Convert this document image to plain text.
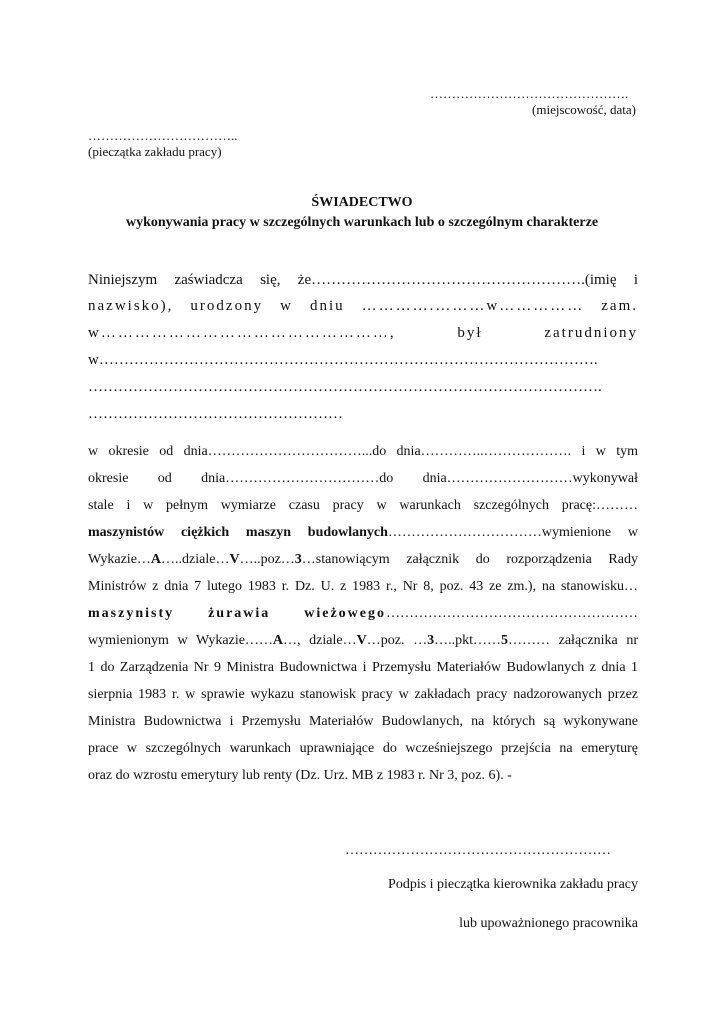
……………………………………….
(miejscowość, data)
……………………………..
(pieczątka zakładu pracy)
ŚWIADECTWO
wykonywania pracy w szczególnych warunkach lub o szczególnym charakterze
Niniejszym zaświadcza się, że……………………………………………….(imię i
nazwisko), urodzony w dniu ………….………w…………… zam.
w……………………………………………, był zatrudniony
w……………………………………………………………………………………….
………………………………………………………………………………………….
……………………………………………
w okresie od dnia……………………………...do dnia…………..………………. i w tym
okresie od dnia……………………………do dnia………………………wykonywał
stale i w pełnym wymiarze czasu pracy w warunkach szczególnych pracę:………
maszynistów ciężkich maszyn budowlanych……………………………wymienione w
Wykazie…A…..dziale…V…..poz…3…stanowiącym załącznik do rozporządzenia Rady
Ministrów z dnia 7 lutego 1983 r. Dz. U. z 1983 r., Nr 8, poz. 43 ze zm.), na stanowisku…
maszynisty żurawia wieżowego………………………………………………
wymienionym w Wykazie……A…, dziale…V…poz. …3…..pkt……5……… załącznika nr
1 do Zarządzenia Nr 9 Ministra Budownictwa i Przemysłu Materiałów Budowlanych z dnia 1
sierpnia 1983 r. w sprawie wykazu stanowisk pracy w zakładach pracy nadzorowanych przez
Ministra Budownictwa i Przemysłu Materiałów Budowlanych, na których są wykonywane
prace w szczególnych warunkach uprawniające do wcześniejszego przejścia na emeryturę
oraz do wzrostu emerytury lub renty (Dz. Urz. MB z 1983 r. Nr 3, poz. 6). -
…………………………………………………
Podpis i pieczątka kierownika zakładu pracy
lub upoważnionego pracownika
